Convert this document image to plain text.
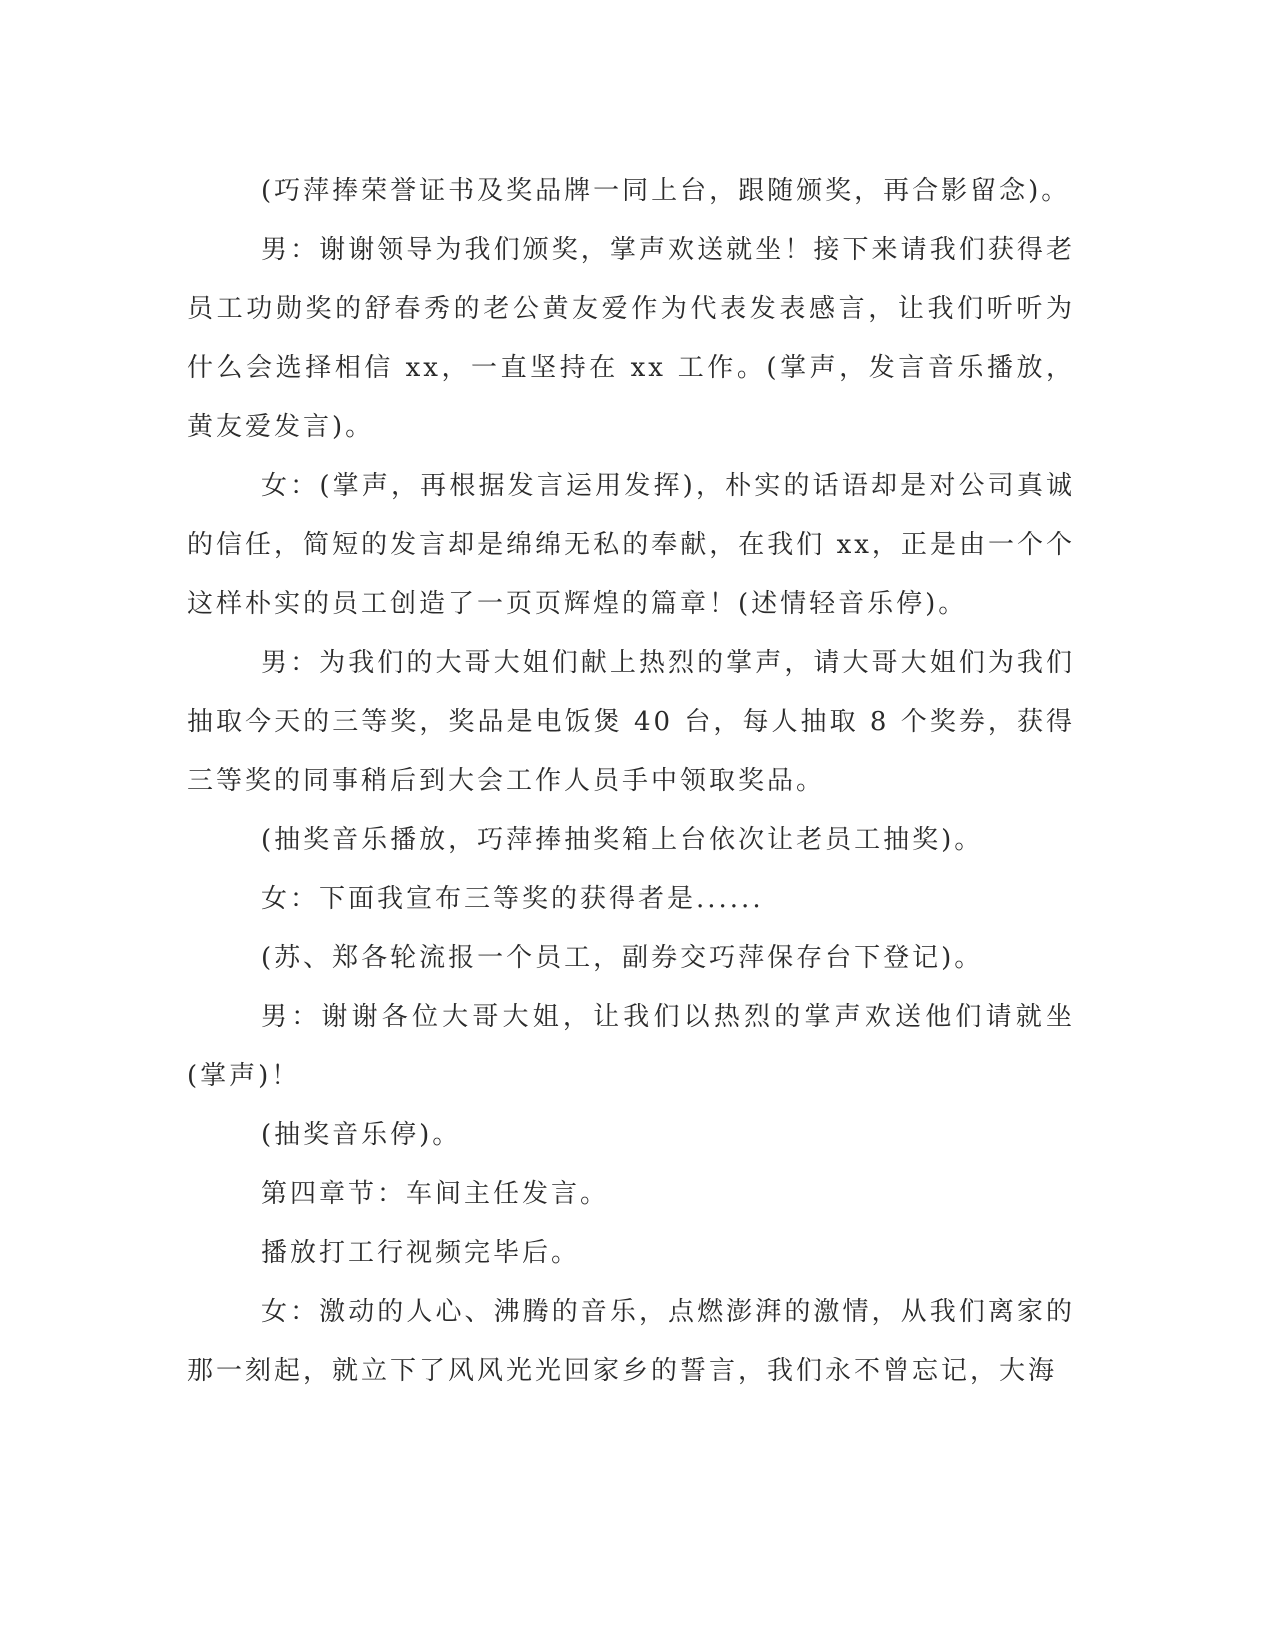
(巧萍捧荣誉证书及奖品牌一同上台，跟随颁奖，再合影留念)。

男：谢谢领导为我们颁奖，掌声欢送就坐！接下来请我们获得老员工功勋奖的舒春秀的老公黄友爱作为代表发表感言，让我们听听为什么会选择相信 xx，一直坚持在 xx 工作。(掌声，发言音乐播放，黄友爱发言)。

女：(掌声，再根据发言运用发挥)，朴实的话语却是对公司真诚的信任，简短的发言却是绵绵无私的奉献，在我们 xx，正是由一个个这样朴实的员工创造了一页页辉煌的篇章！(述情轻音乐停)。

男：为我们的大哥大姐们献上热烈的掌声，请大哥大姐们为我们抽取今天的三等奖，奖品是电饭煲 40 台，每人抽取 8 个奖券，获得三等奖的同事稍后到大会工作人员手中领取奖品。

(抽奖音乐播放，巧萍捧抽奖箱上台依次让老员工抽奖)。

女：下面我宣布三等奖的获得者是......

(苏、郑各轮流报一个员工，副券交巧萍保存台下登记)。

男：谢谢各位大哥大姐，让我们以热烈的掌声欢送他们请就坐(掌声)！

(抽奖音乐停)。

第四章节：车间主任发言。

播放打工行视频完毕后。

女：激动的人心、沸腾的音乐，点燃澎湃的激情，从我们离家的那一刻起，就立下了风风光光回家乡的誓言，我们永不曾忘记，大海
